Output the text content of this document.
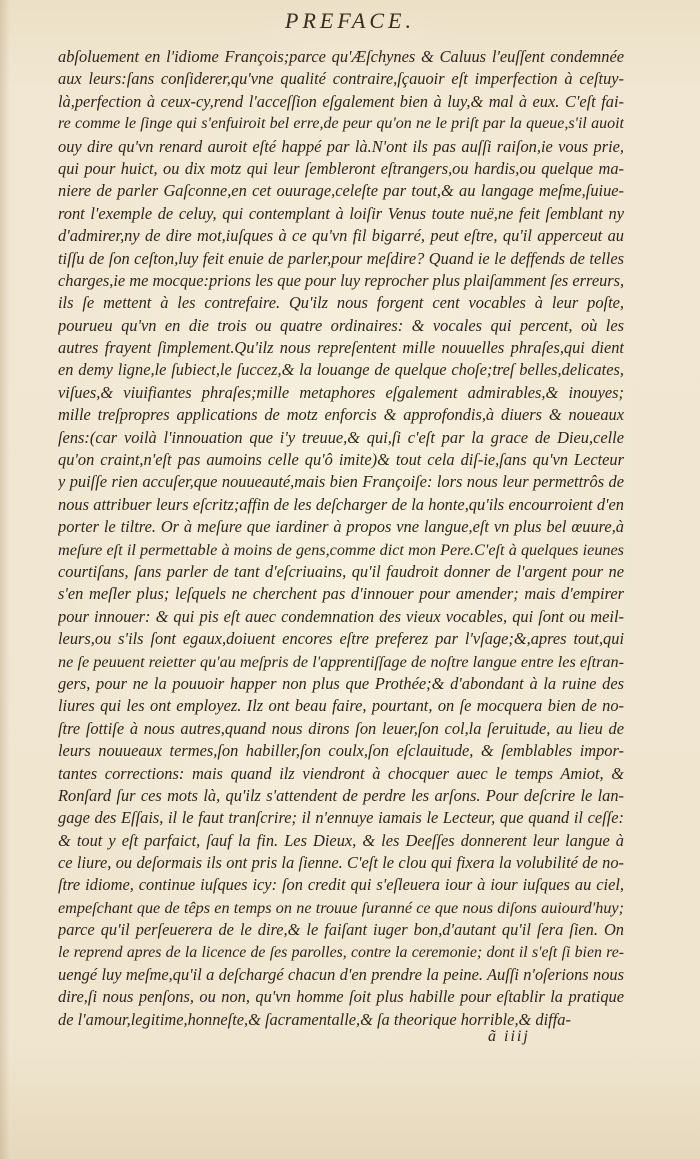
PREFACE.
abſoluement en l'idiome François;parce qu'Æſchynes & Caluus l'euſſent condemnée
aux leurs:ſans conſiderer,qu'vne qualité contraire,ſçauoir eſt imperfection à ceſtuy-
là,perfection à ceux-cy,rend l'acceſſion eſgalement bien à luy,& mal à eux. C'eſt fai-
re comme le ſinge qui s'enfuiroit bel erre,de peur qu'on ne le priſt par la queue,s'il auoit
ouy dire qu'vn renard auroit eſté happé par là.N'ont ils pas auſſi raiſon,ie vous prie,
qui pour huict, ou dix motz qui leur ſembleront eſtrangers,ou hardis,ou quelque ma-
niere de parler Gaſconne,en cet ouurage,celeſte par tout,& au langage meſme,ſuiue-
ront l'exemple de celuy, qui contemplant à loiſir Venus toute nuë,ne feit ſemblant ny
d'admirer,ny de dire mot,iuſques à ce qu'vn fil bigarré, peut eſtre, qu'il apperceut au
tiſſu de ſon ceſton,luy feit enuie de parler,pour meſdire? Quand ie le deffends de telles
charges,ie me mocque:prions les que pour luy reprocher plus plaiſamment ſes erreurs,
ils ſe mettent à les contrefaire. Qu'ilz nous forgent cent vocables à leur poſte,
pourueu qu'vn en die trois ou quatre ordinaires: & vocales qui percent, où les
autres frayent ſimplement.Qu'ilz nous repreſentent mille nouuelles phraſes,qui dient
en demy ligne,le ſubiect,le ſuccez,& la louange de quelque choſe;treſ belles,delicates,
viſues,& viuifiantes phraſes;mille metaphores eſgalement admirables,& inouyes;
mille treſpropres applications de motz enforcis & approfondis,à diuers & noueaux
ſens:(car voilà l'innouation que i'y treuue,& qui,ſi c'eſt par la grace de Dieu,celle
qu'on craint,n'eſt pas aumoins celle qu'ô imite)& tout cela diſ-ie,ſans qu'vn Lecteur
y puiſſe rien accuſer,que nouueauté,mais bien Françoiſe: lors nous leur permettrôs de
nous attribuer leurs eſcritz;affin de les deſcharger de la honte,qu'ils encourroient d'en
porter le tiltre. Or à meſure que iardiner à propos vne langue,eſt vn plus bel œuure,à
meſure eſt il permettable à moins de gens,comme dict mon Pere.C'eſt à quelques ieunes
courtiſans, ſans parler de tant d'eſcriuains, qu'il faudroit donner de l'argent pour ne
s'en meſler plus; leſquels ne cherchent pas d'innouer pour amender; mais d'empirer
pour innouer: & qui pis eſt auec condemnation des vieux vocables, qui ſont ou meil-
leurs,ou s'ils ſont egaux,doiuent encores eſtre preferez par l'vſage;&,apres tout,qui
ne ſe peuuent reietter qu'au meſpris de l'apprentiſſage de noſtre langue entre les eſtran-
gers, pour ne la pouuoir happer non plus que Prothée;& d'abondant à la ruine des
liures qui les ont employez. Ilz ont beau faire, pourtant, on ſe mocquera bien de no-
ſtre ſottiſe à nous autres,quand nous dirons ſon leuer,ſon col,la ſeruitude, au lieu de
leurs nouueaux termes,ſon habiller,ſon coulx,ſon eſclauitude, & ſemblables impor-
tantes corrections: mais quand ilz viendront à chocquer auec le temps Amiot, &
Ronſard ſur ces mots là, qu'ilz s'attendent de perdre les arſons. Pour deſcrire le lan-
gage des Eſſais, il le faut tranſcrire; il n'ennuye iamais le Lecteur, que quand il ceſſe:
& tout y eſt parfaict, ſauf la fin. Les Dieux, & les Deeſſes donnerent leur langue à
ce liure, ou deſormais ils ont pris la ſienne. C'eſt le clou qui fixera la volubilité de no-
ſtre idiome, continue iuſques icy: ſon credit qui s'eſleuera iour à iour iuſques au ciel,
empeſchant que de têps en temps on ne trouue ſuranné ce que nous diſons auiourd'huy;
parce qu'il perſeuerera de le dire,& le faiſant iuger bon,d'autant qu'il ſera ſien. On
le reprend apres de la licence de ſes parolles, contre la ceremonie; dont il s'eſt ſi bien re-
uengé luy meſme,qu'il a deſchargé chacun d'en prendre la peine. Auſſi n'oſerions nous
dire,ſi nous penſons, ou non, qu'vn homme ſoit plus habille pour eſtablir la pratique
de l'amour,legitime,honneſte,& ſacramentalle,& ſa theorique horrible,& diffa-
ã iiij
